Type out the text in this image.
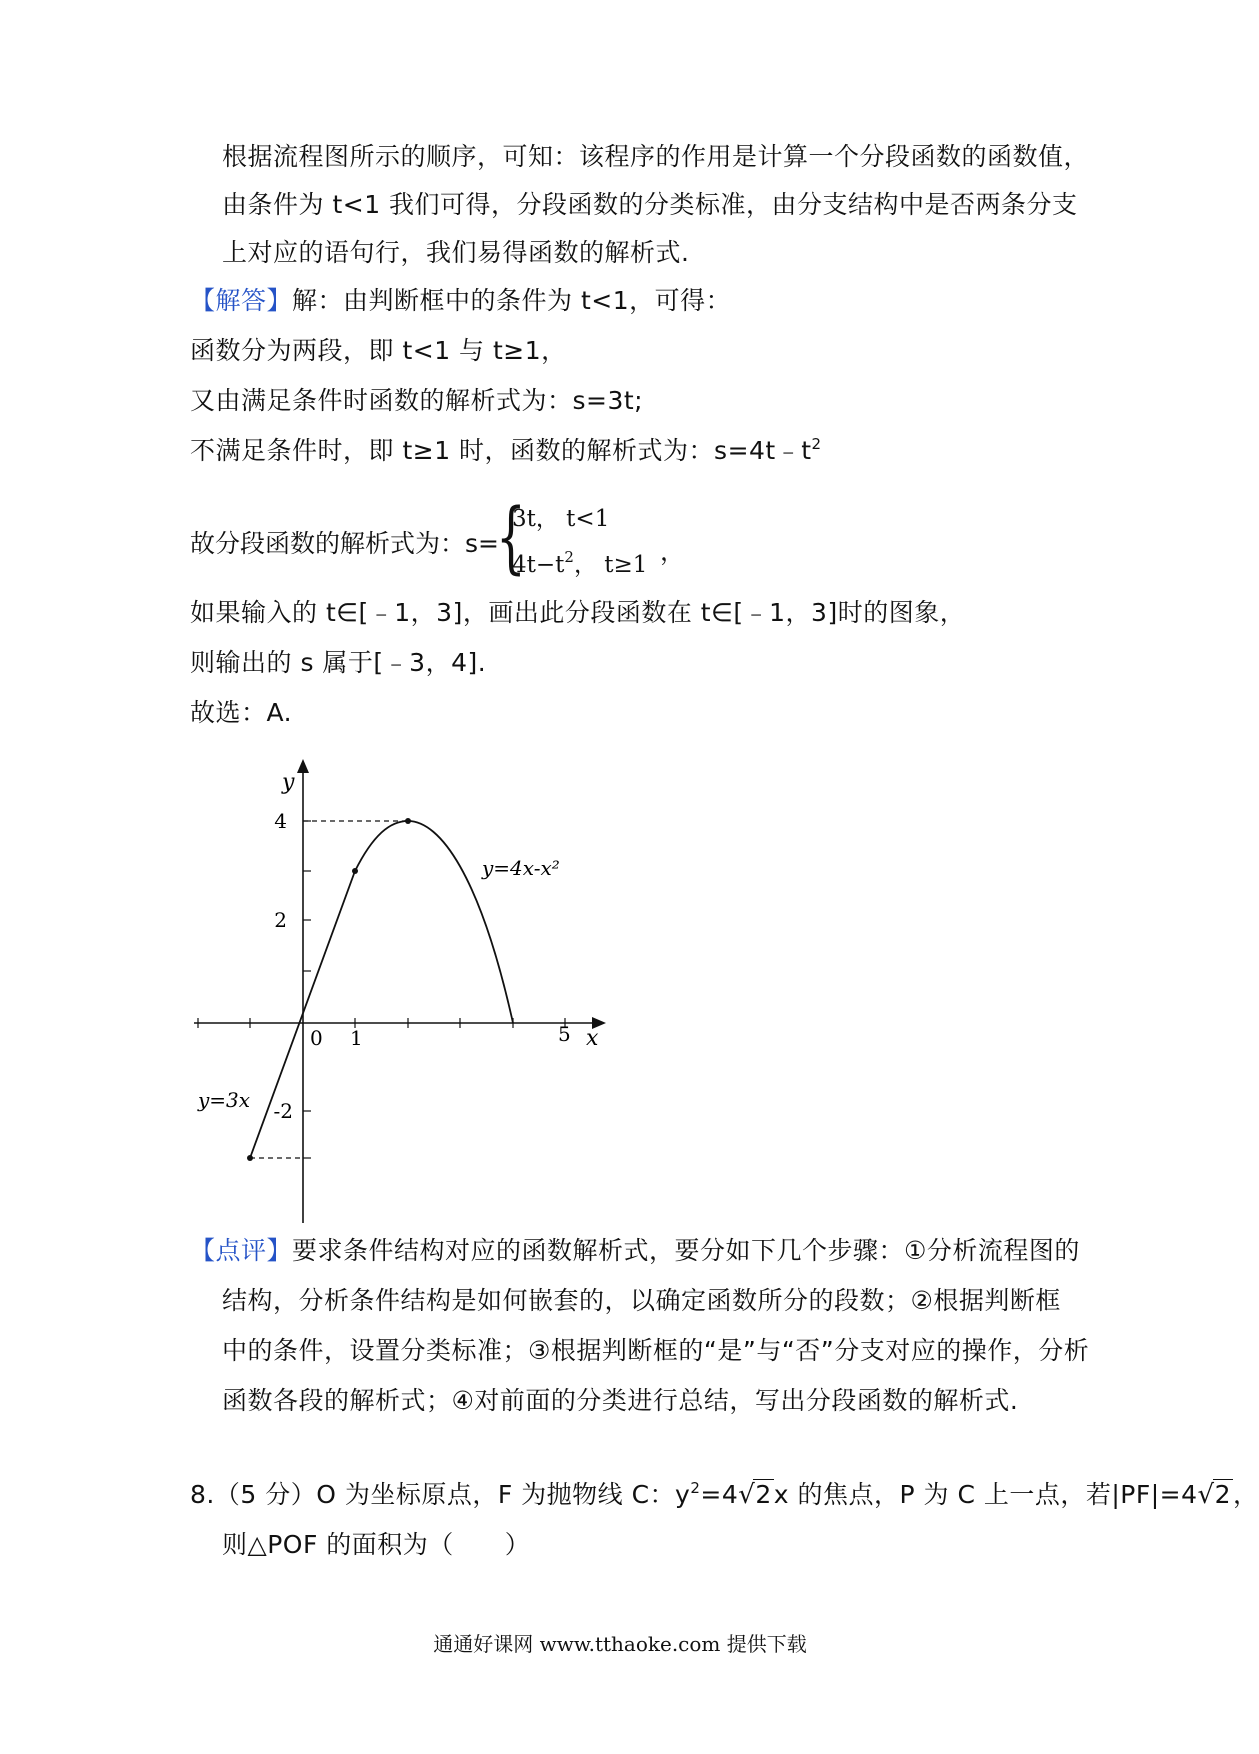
根据流程图所示的顺序，可知：该程序的作用是计算一个分段函数的函数值，
由条件为 t<1 我们可得，分段函数的分类标准，由分支结构中是否两条分支
上对应的语句行，我们易得函数的解析式.
【解答】解：由判断框中的条件为 t<1，可得：
函数分为两段，即 t<1 与 t≥1，
又由满足条件时函数的解析式为：s=3t;
不满足条件时，即 t≥1 时，函数的解析式为：$s=4t﹣t^2$
故分段函数的解析式为：s=
{
3t， t<1
$4t-t^2$， t≥1 ，
如果输入的 t∈[﹣1，3]，画出此分段函数在 t∈[﹣1，3]时的图象，
则输出的 s 属于[﹣3，4].
故选：A.
y
x
4
2
-2
0 1	5
y=4x-x²
y=3x
【点评】要求条件结构对应的函数解析式，要分如下几个步骤：①分析流程图的
结构，分析条件结构是如何嵌套的，以确定函数所分的段数；②根据判断框
中的条件，设置分类标准；③根据判断框的“是”与“否”分支对应的操作，分析
函数各段的解析式；④对前面的分类进行总结，写出分段函数的解析式.
8.（5 分）O 为坐标原点，F 为抛物线 C：$y^2=4√2x$ 的焦点，P 为 C 上一点，若|PF|=4√2，
则△POF 的面积为（　　）
通通好课网 www.tthaoke.com 提供下载
